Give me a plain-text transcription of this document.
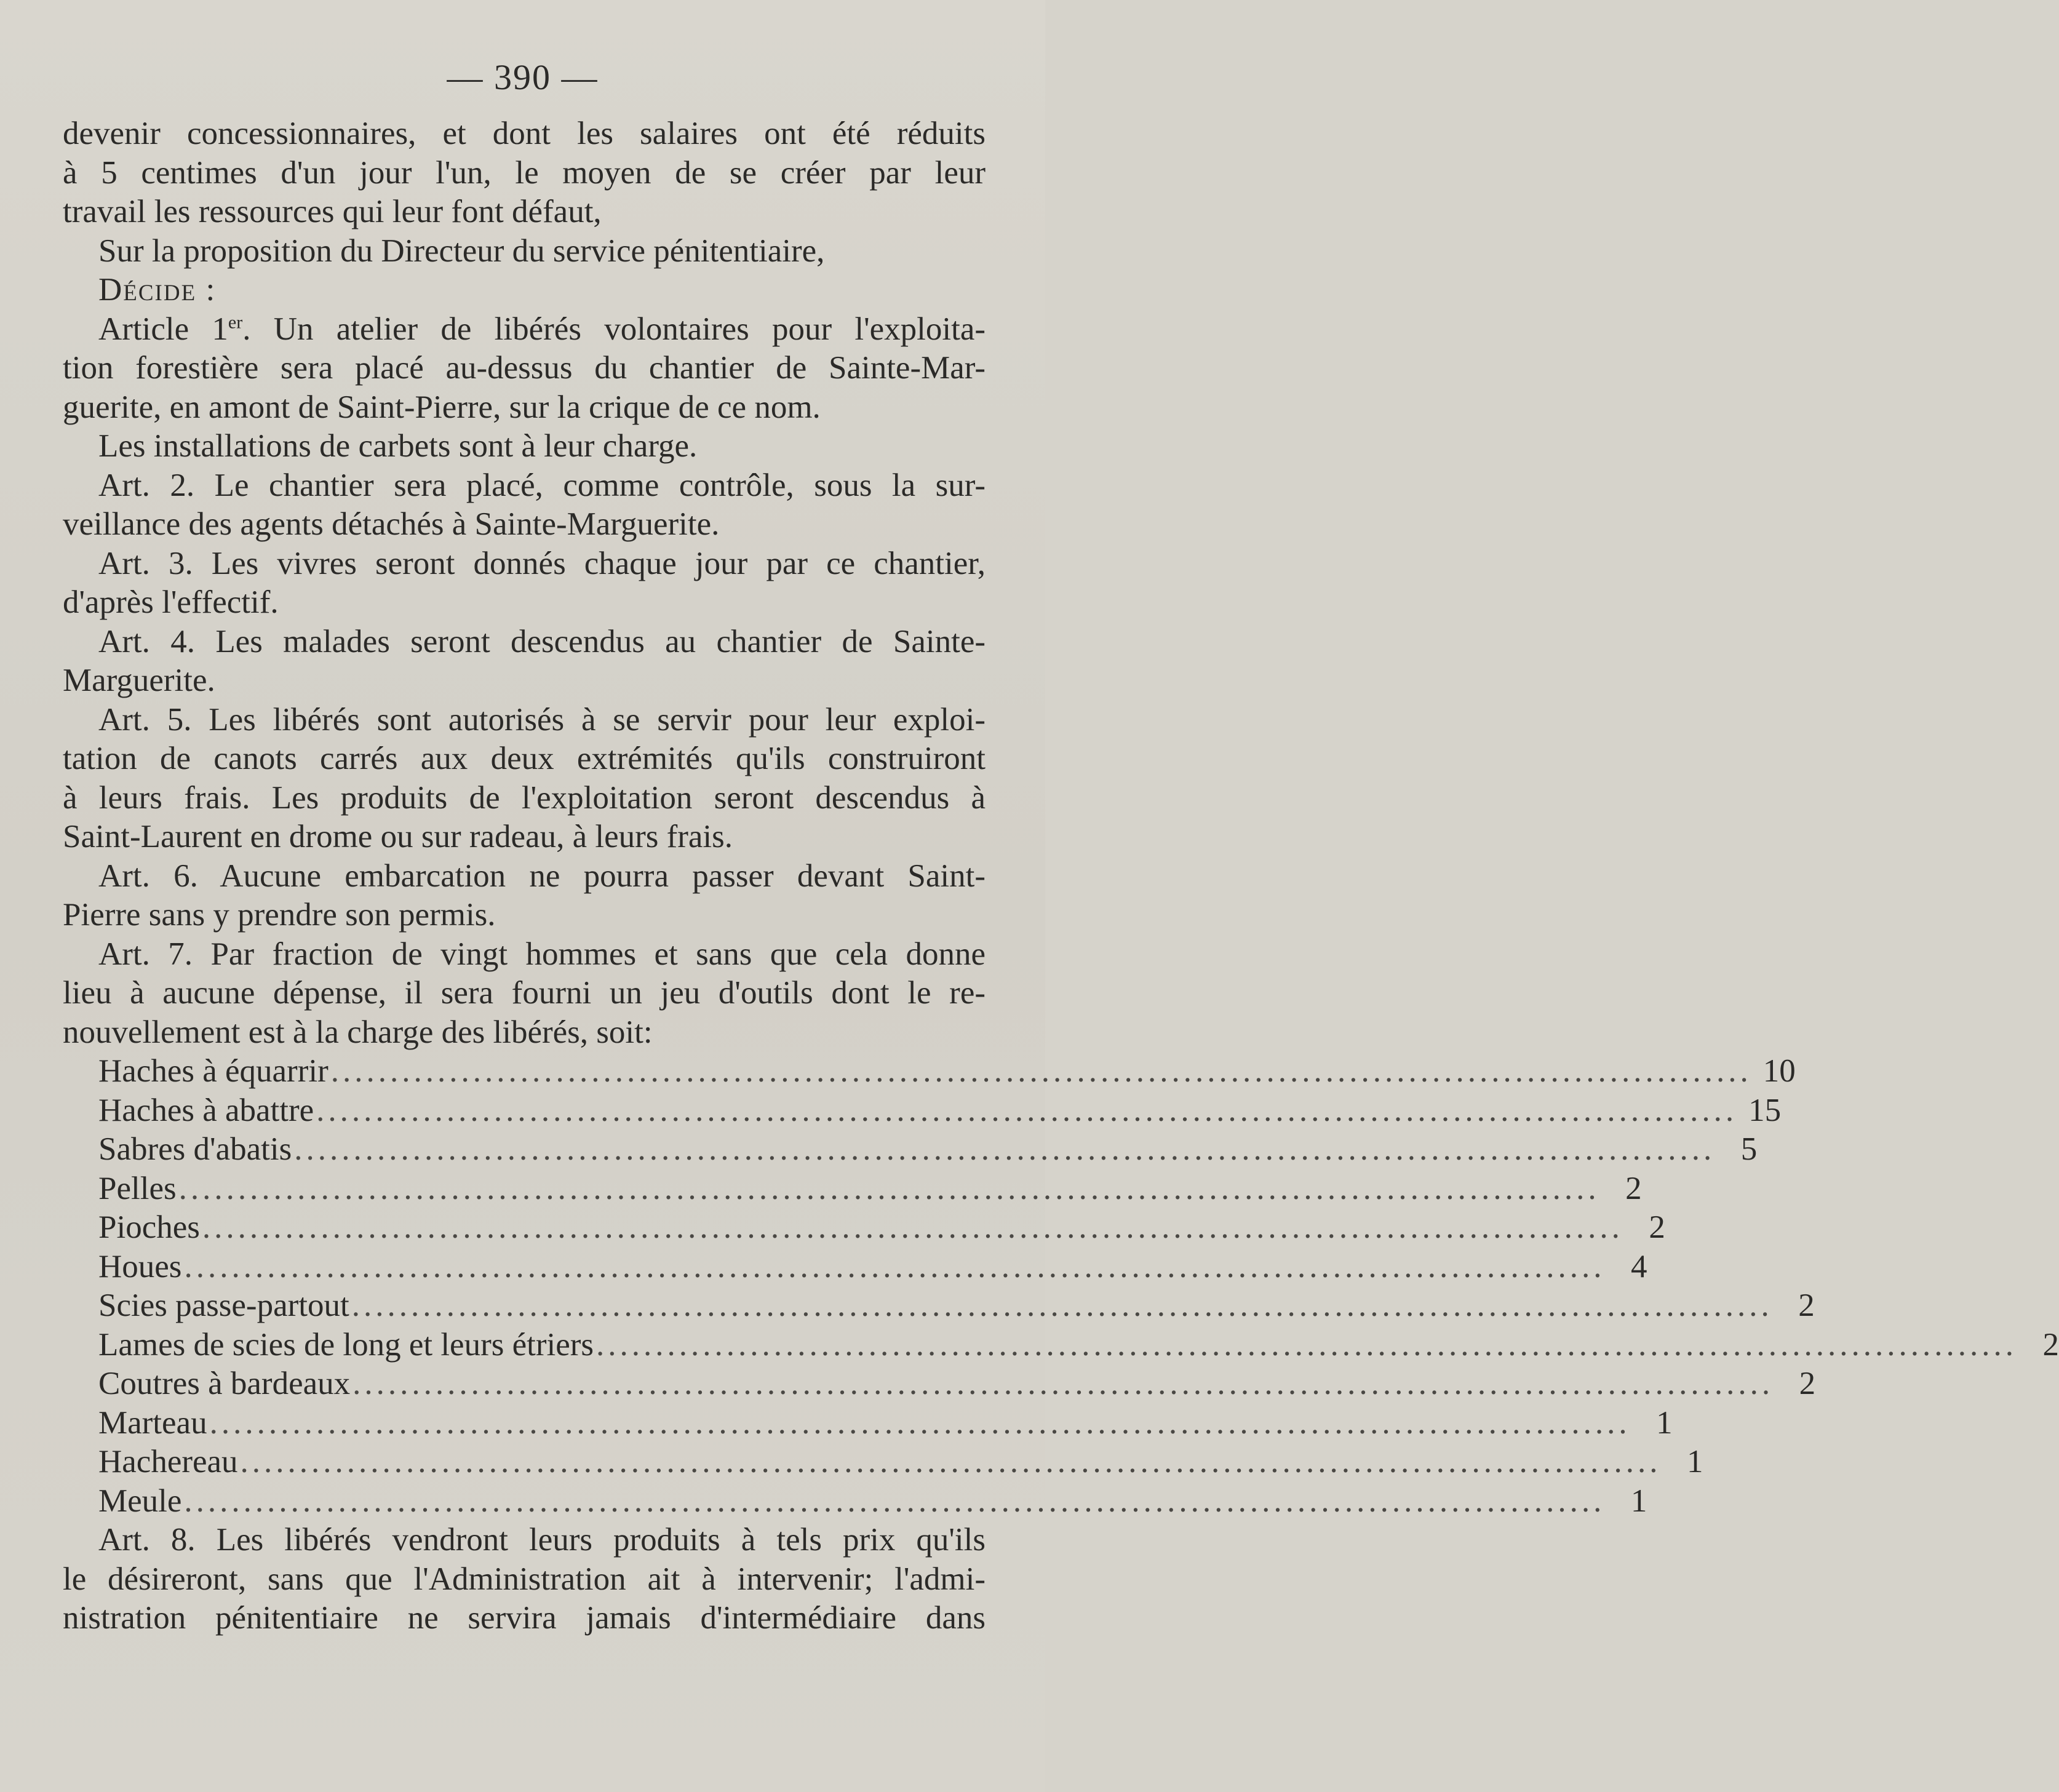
— 390 —
devenir concessionnaires, et dont les salaires ont été réduits
à 5 centimes d'un jour l'un, le moyen de se créer par leur
travail les ressources qui leur font défaut,
Sur la proposition du Directeur du service pénitentiaire,
Décide :
Article 1er. Un atelier de libérés volontaires pour l'exploita-
tion forestière sera placé au-dessus du chantier de Sainte-Mar-
guerite, en amont de Saint-Pierre, sur la crique de ce nom.
Les installations de carbets sont à leur charge.
Art. 2. Le chantier sera placé, comme contrôle, sous la sur-
veillance des agents détachés à Sainte-Marguerite.
Art. 3. Les vivres seront donnés chaque jour par ce chantier,
d'après l'effectif.
Art. 4. Les malades seront descendus au chantier de Sainte-
Marguerite.
Art. 5. Les libérés sont autorisés à se servir pour leur exploi-
tation de canots carrés aux deux extrémités qu'ils construiront
à leurs frais. Les produits de l'exploitation seront descendus à
Saint-Laurent en drome ou sur radeau, à leurs frais.
Art. 6. Aucune embarcation ne pourra passer devant Saint-
Pierre sans y prendre son permis.
Art. 7. Par fraction de vingt hommes et sans que cela donne
lieu à aucune dépense, il sera fourni un jeu d'outils dont le re-
nouvellement est à la charge des libérés, soit:
Haches à équarrir ........................................................................................................................ 10
Haches à abattre ........................................................................................................................ 15
Sabres d'abatis ........................................................................................................................ 5
Pelles ........................................................................................................................ 2
Pioches ........................................................................................................................ 2
Houes ........................................................................................................................ 4
Scies passe-partout ........................................................................................................................ 2
Lames de scies de long et leurs étriers ........................................................................................................................ 2
Coutres à bardeaux ........................................................................................................................ 2
Marteau ........................................................................................................................ 1
Hachereau ........................................................................................................................ 1
Meule ........................................................................................................................ 1
Art. 8. Les libérés vendront leurs produits à tels prix qu'ils
le désireront, sans que l'Administration ait à intervenir; l'admi-
nistration pénitentiaire ne servira jamais d'intermédiaire dans
